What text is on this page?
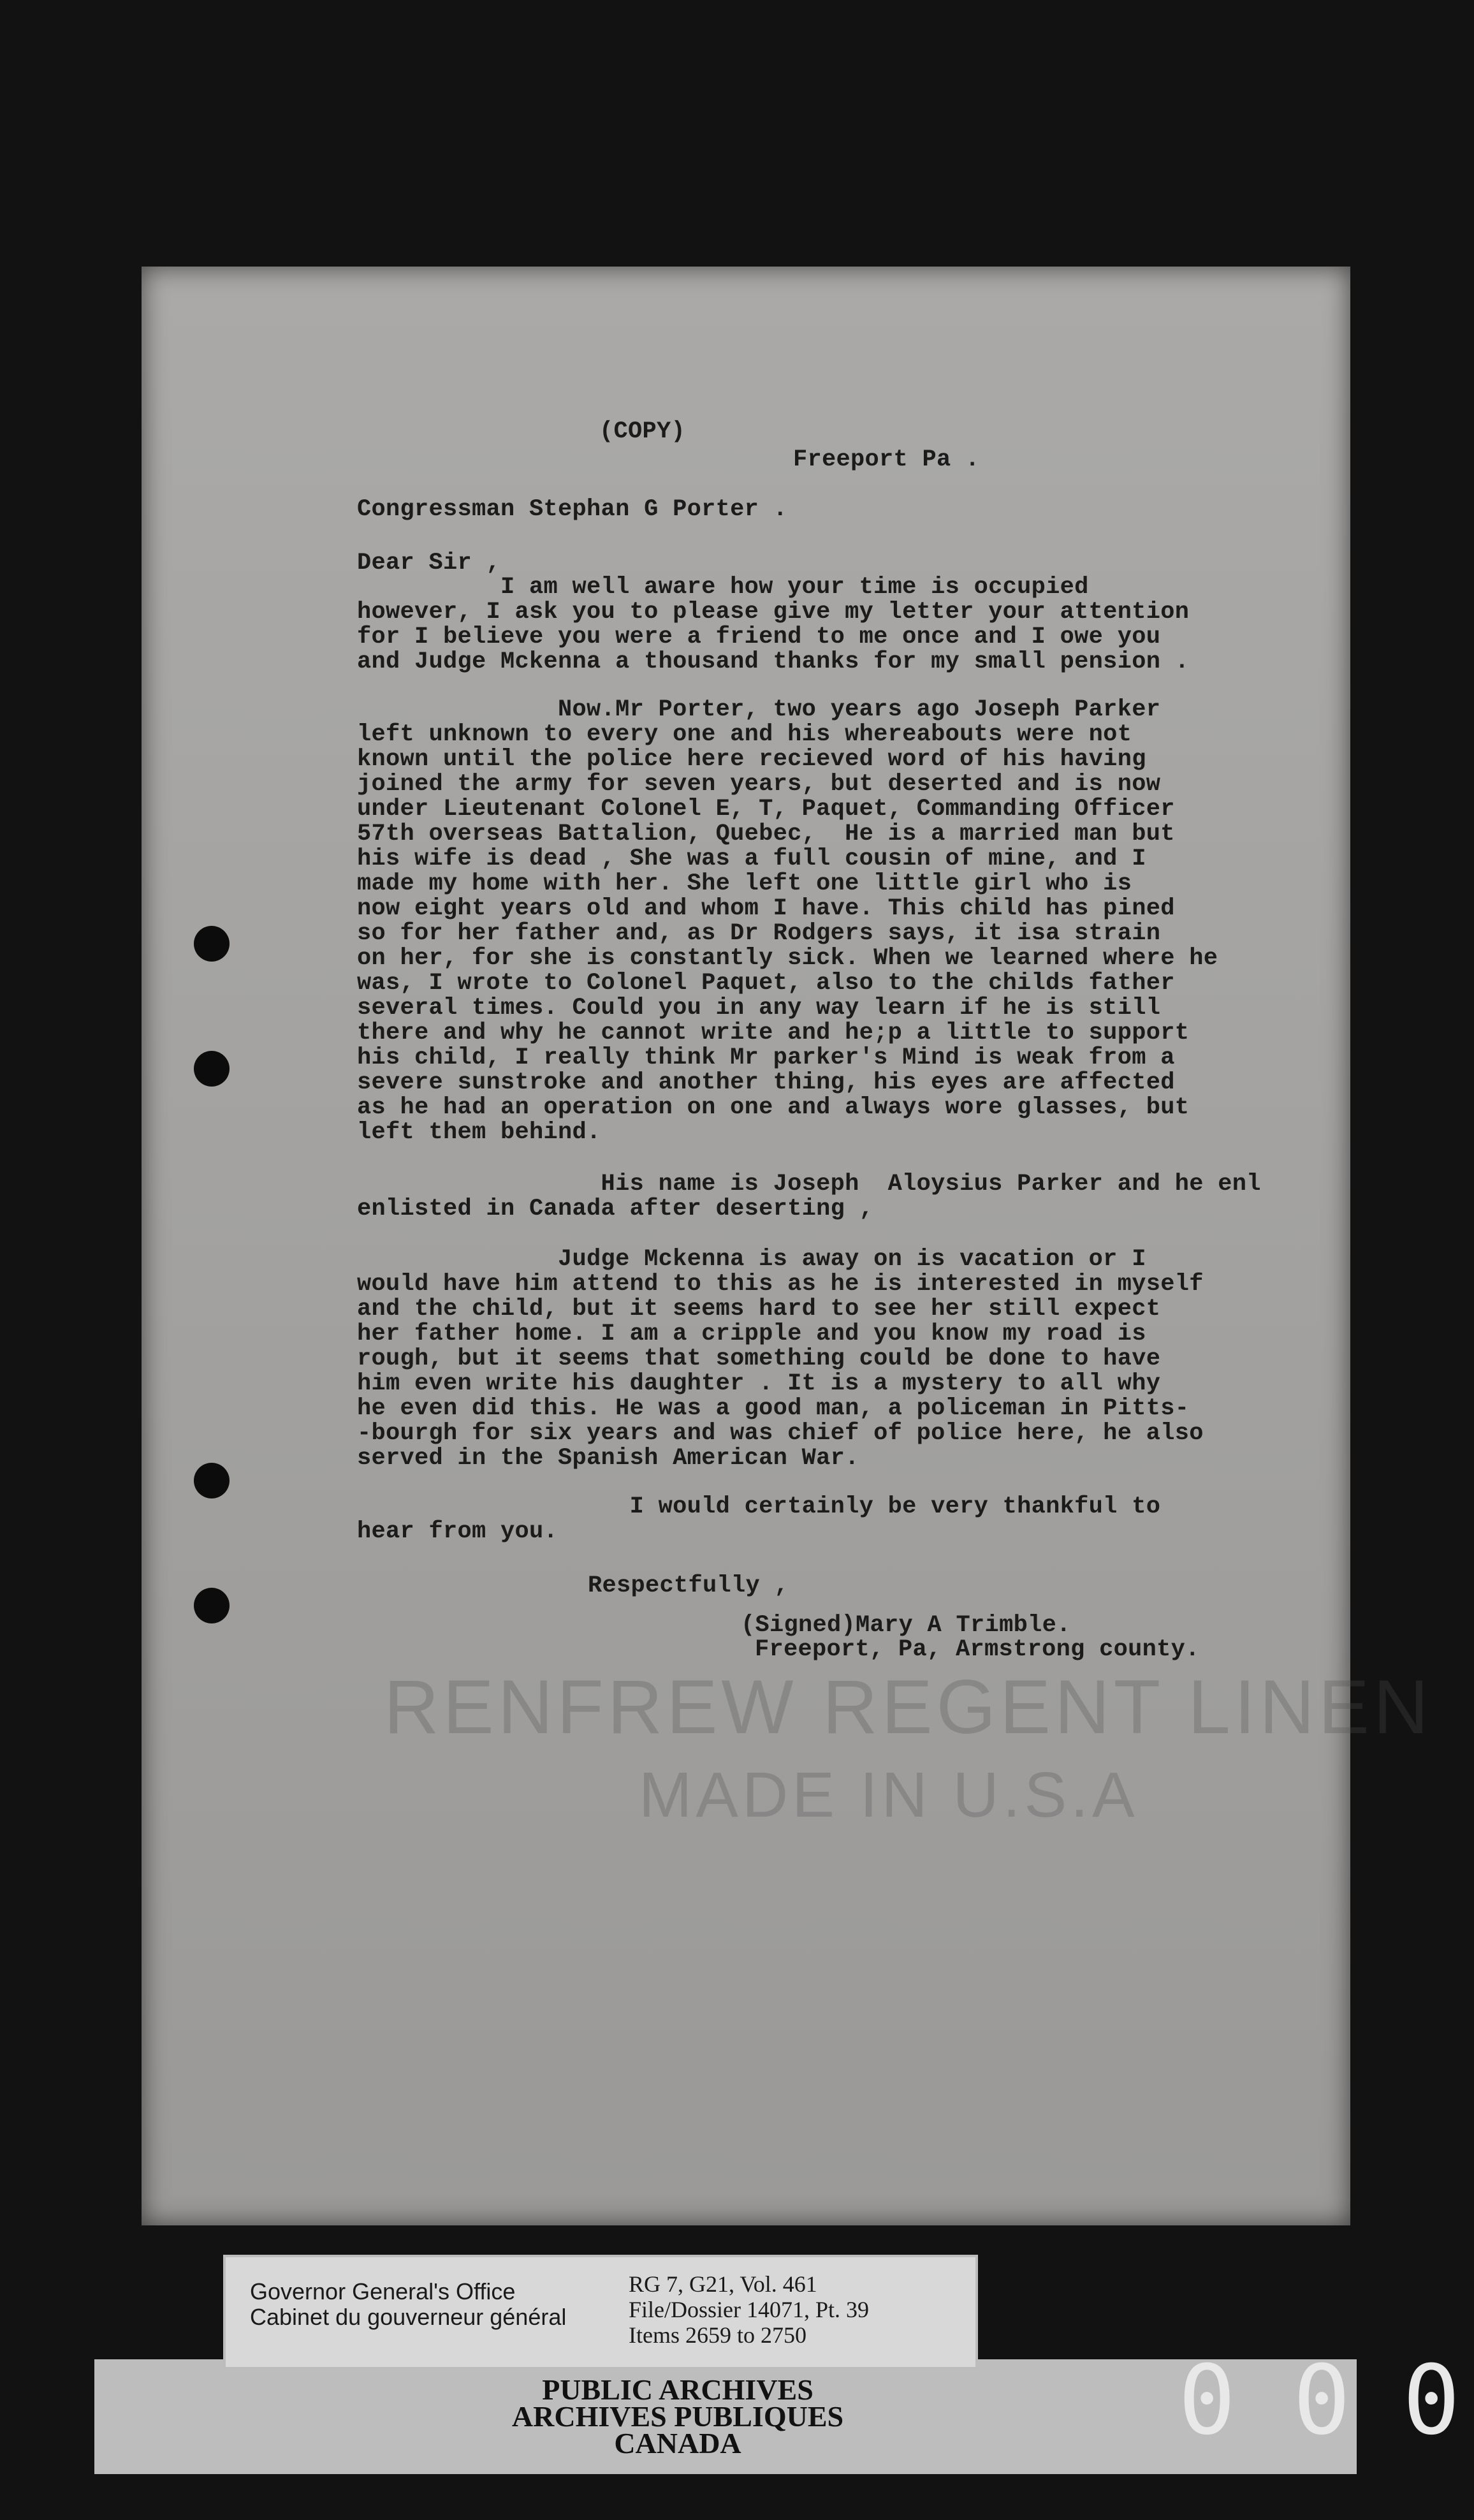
RENFREW REGENT LINEN
MADE IN U.S.A
(COPY)
Freeport Pa .
Congressman Stephan G Porter .
Dear Sir ,
I am well aware how your time is occupied
however, I ask you to please give my letter your attention
for I believe you were a friend to me once and I owe you
and Judge Mckenna a thousand thanks for my small pension .
Now.Mr Porter, two years ago Joseph Parker
left unknown to every one and his whereabouts were not
known until the police here recieved word of his having
joined the army for seven years, but deserted and is now
under Lieutenant Colonel E, T, Paquet, Commanding Officer
57th overseas Battalion, Quebec,  He is a married man but
his wife is dead , She was a full cousin of mine, and I
made my home with her. She left one little girl who is
now eight years old and whom I have. This child has pined
so for her father and, as Dr Rodgers says, it isa strain
on her, for she is constantly sick. When we learned where he
was, I wrote to Colonel Paquet, also to the childs father
several times. Could you in any way learn if he is still
there and why he cannot write and he;p a little to support
his child, I really think Mr parker's Mind is weak from a
severe sunstroke and another thing, his eyes are affected
as he had an operation on one and always wore glasses, but
left them behind.
His name is Joseph  Aloysius Parker and he enl
enlisted in Canada after deserting ,
Judge Mckenna is away on is vacation or I
would have him attend to this as he is interested in myself
and the child, but it seems hard to see her still expect
her father home. I am a cripple and you know my road is
rough, but it seems that something could be done to have
him even write his daughter . It is a mystery to all why
he even did this. He was a good man, a policeman in Pitts-
-bourgh for six years and was chief of police here, he also
served in the Spanish American War.
I would certainly be very thankful to
hear from you.
Respectfully ,
(Signed)Mary A Trimble.
Freeport, Pa, Armstrong county.
PUBLIC ARCHIVES
ARCHIVES PUBLIQUES
CANADA
Governor General's Office
Cabinet du gouverneur général
RG 7, G21, Vol. 461
File/Dossier 14071, Pt. 39
Items 2659 to 2750
0 0 0
